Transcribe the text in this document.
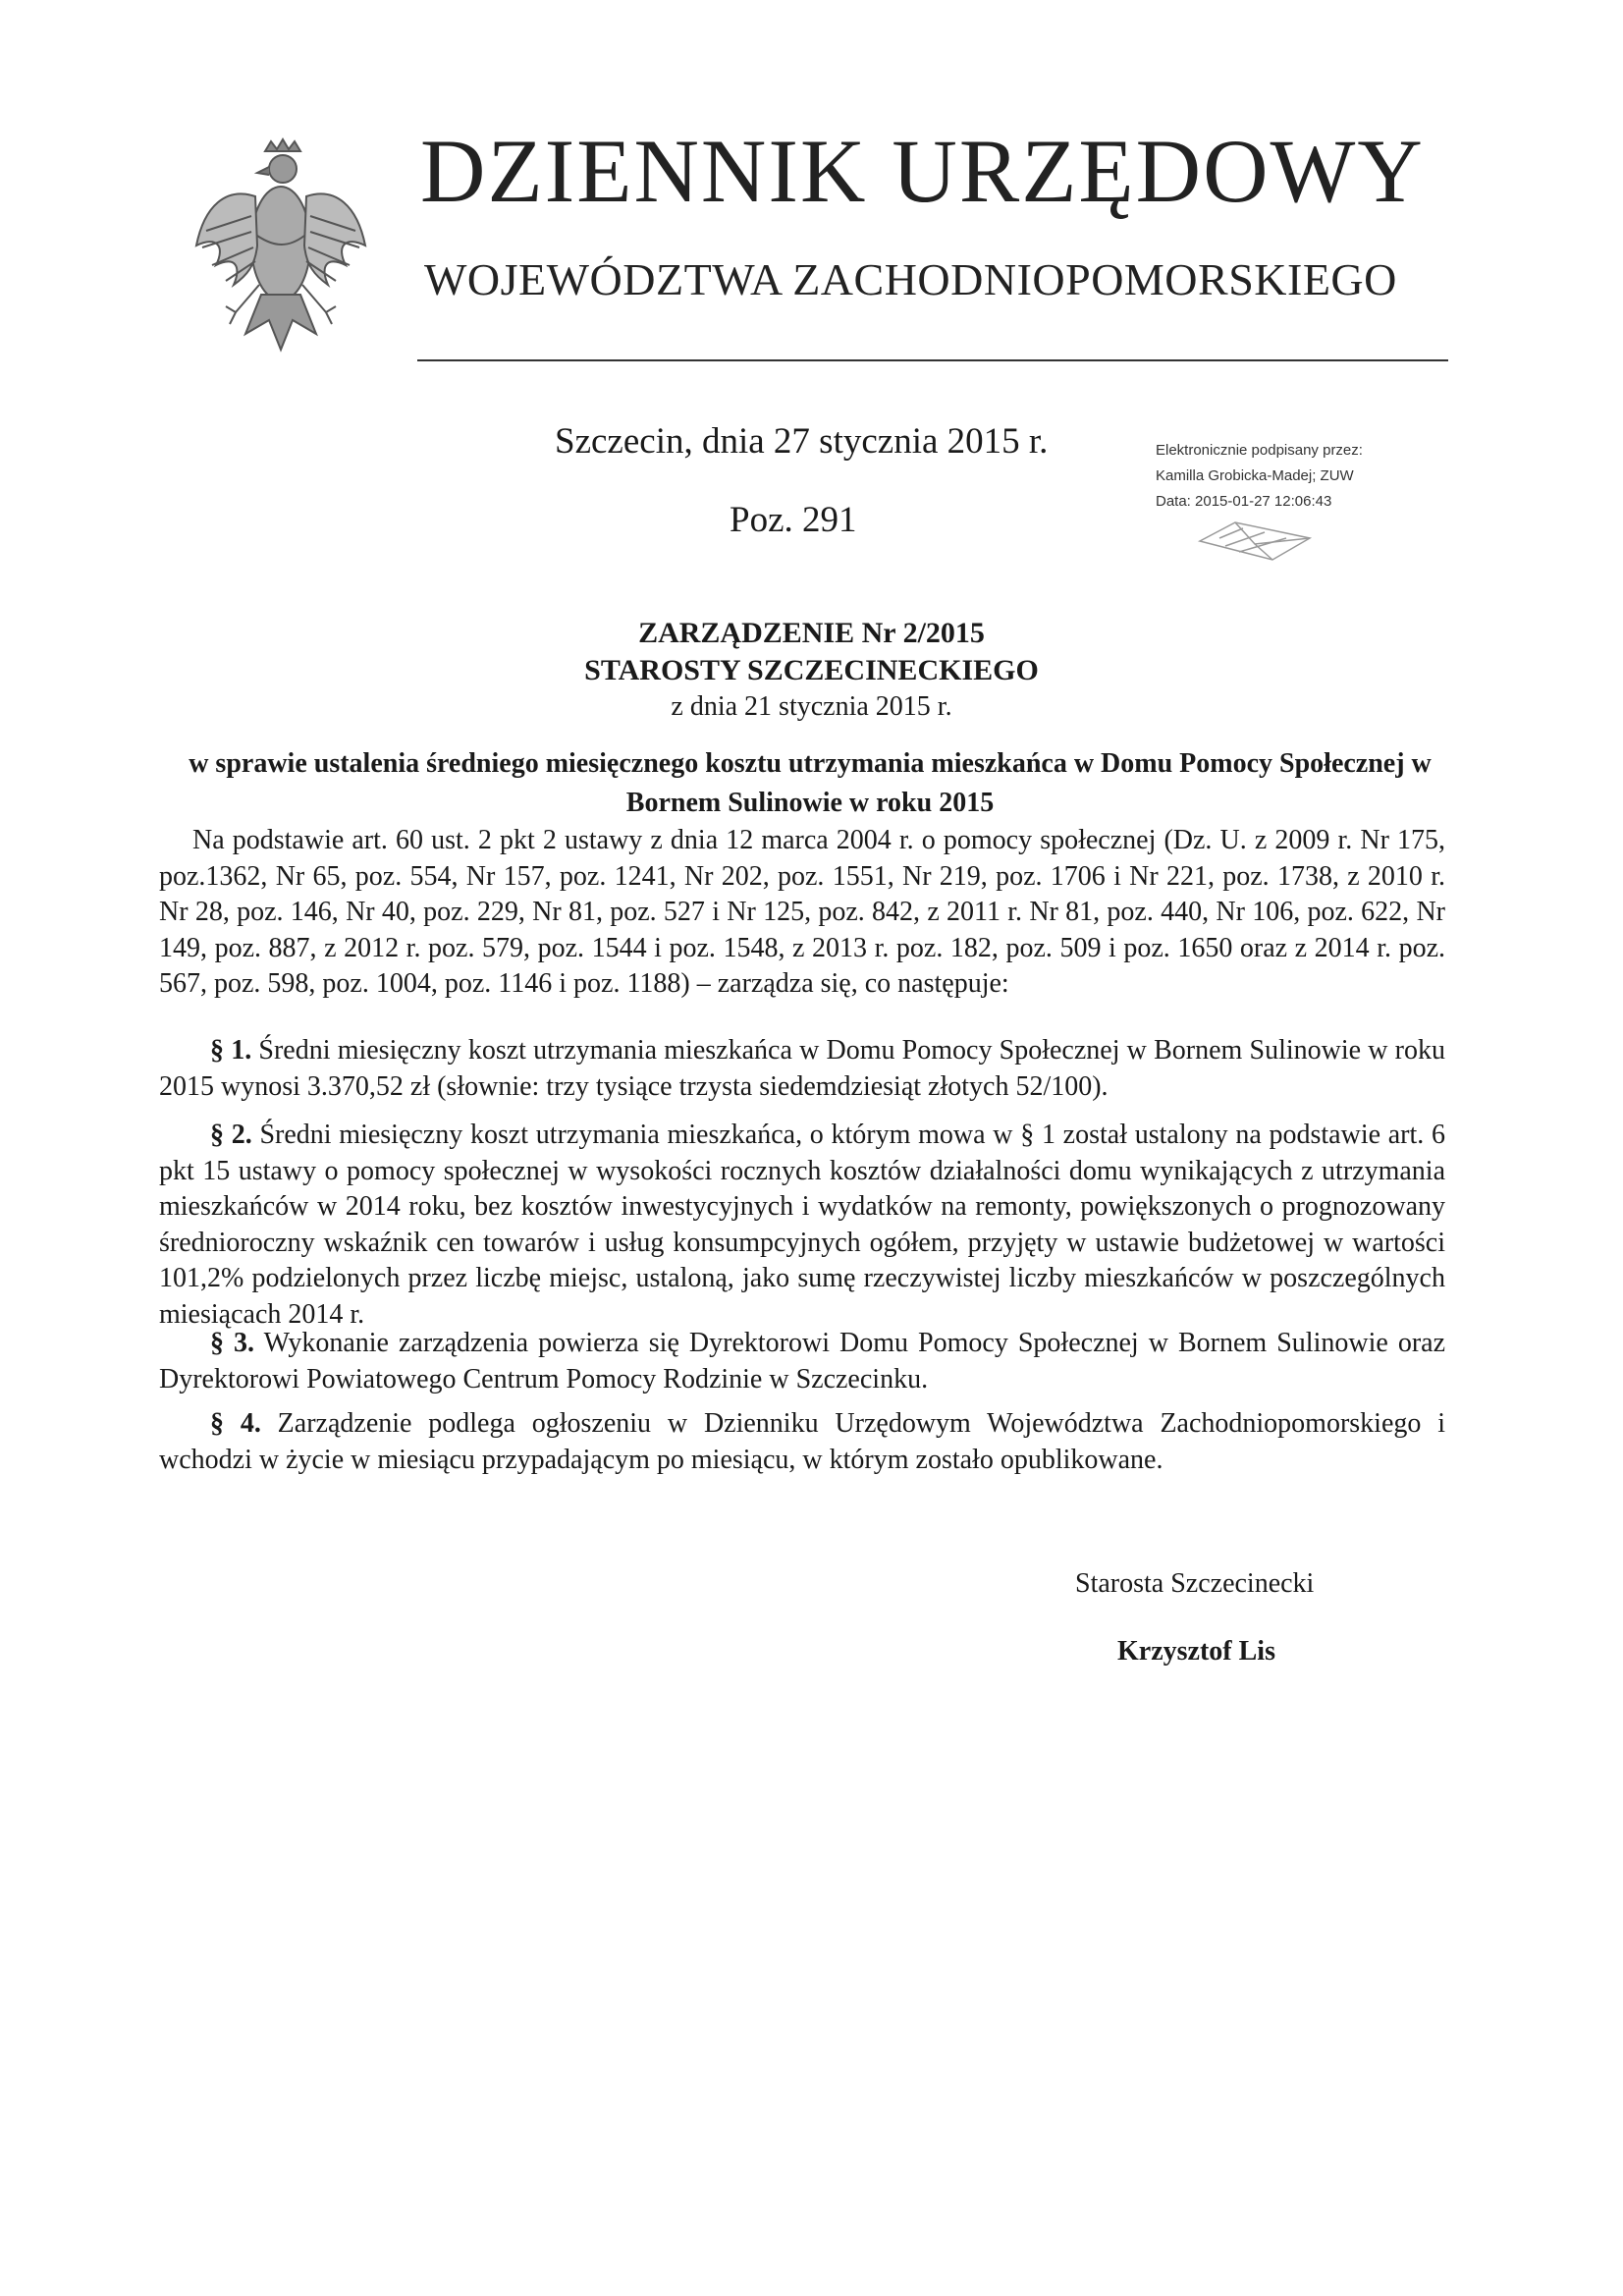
DZIENNIK URZĘDOWY
WOJEWÓDZTWA ZACHODNIOPOMORSKIEGO
Szczecin, dnia 27 stycznia 2015 r.
Poz. 291
Elektronicznie podpisany przez:
Kamilla Grobicka-Madej; ZUW
Data: 2015-01-27 12:06:43
ZARZĄDZENIE Nr 2/2015
STAROSTY SZCZECINECKIEGO
z dnia 21 stycznia 2015 r.
w sprawie ustalenia średniego miesięcznego kosztu utrzymania mieszkańca w Domu Pomocy Społecznej w Bornem Sulinowie w roku 2015
Na podstawie art. 60 ust. 2 pkt 2 ustawy z dnia 12 marca 2004 r. o pomocy społecznej (Dz. U. z 2009 r. Nr 175, poz.1362, Nr 65, poz. 554, Nr 157, poz. 1241, Nr 202, poz. 1551, Nr 219, poz. 1706 i Nr 221, poz. 1738, z 2010 r. Nr 28, poz. 146, Nr 40, poz. 229, Nr 81, poz. 527 i Nr 125, poz. 842, z 2011 r. Nr 81, poz. 440, Nr 106, poz. 622, Nr 149, poz. 887, z 2012 r. poz. 579, poz. 1544 i poz. 1548, z 2013 r. poz. 182, poz. 509 i poz. 1650 oraz z 2014 r. poz. 567, poz. 598, poz. 1004, poz. 1146 i poz. 1188) – zarządza się, co następuje:
§ 1. Średni miesięczny koszt utrzymania mieszkańca w Domu Pomocy Społecznej w Bornem Sulinowie w roku 2015 wynosi 3.370,52 zł (słownie: trzy tysiące trzysta siedemdziesiąt złotych 52/100).
§ 2. Średni miesięczny koszt utrzymania mieszkańca, o którym mowa w § 1 został ustalony na podstawie art. 6 pkt 15 ustawy o pomocy społecznej w wysokości rocznych kosztów działalności domu wynikających z utrzymania mieszkańców w 2014 roku, bez kosztów inwestycyjnych i wydatków na remonty, powiększonych o prognozowany średnioroczny wskaźnik cen towarów i usług konsumpcyjnych ogółem, przyjęty w ustawie budżetowej w wartości 101,2% podzielonych przez liczbę miejsc, ustaloną, jako sumę rzeczywistej liczby mieszkańców w poszczególnych miesiącach 2014 r.
§ 3. Wykonanie zarządzenia powierza się Dyrektorowi Domu Pomocy Społecznej w Bornem Sulinowie oraz Dyrektorowi Powiatowego Centrum Pomocy Rodzinie w Szczecinku.
§ 4. Zarządzenie podlega ogłoszeniu w Dzienniku Urzędowym Województwa Zachodniopomorskiego i wchodzi w życie w miesiącu przypadającym po miesiącu, w którym zostało opublikowane.
Starosta Szczecinecki
Krzysztof Lis
